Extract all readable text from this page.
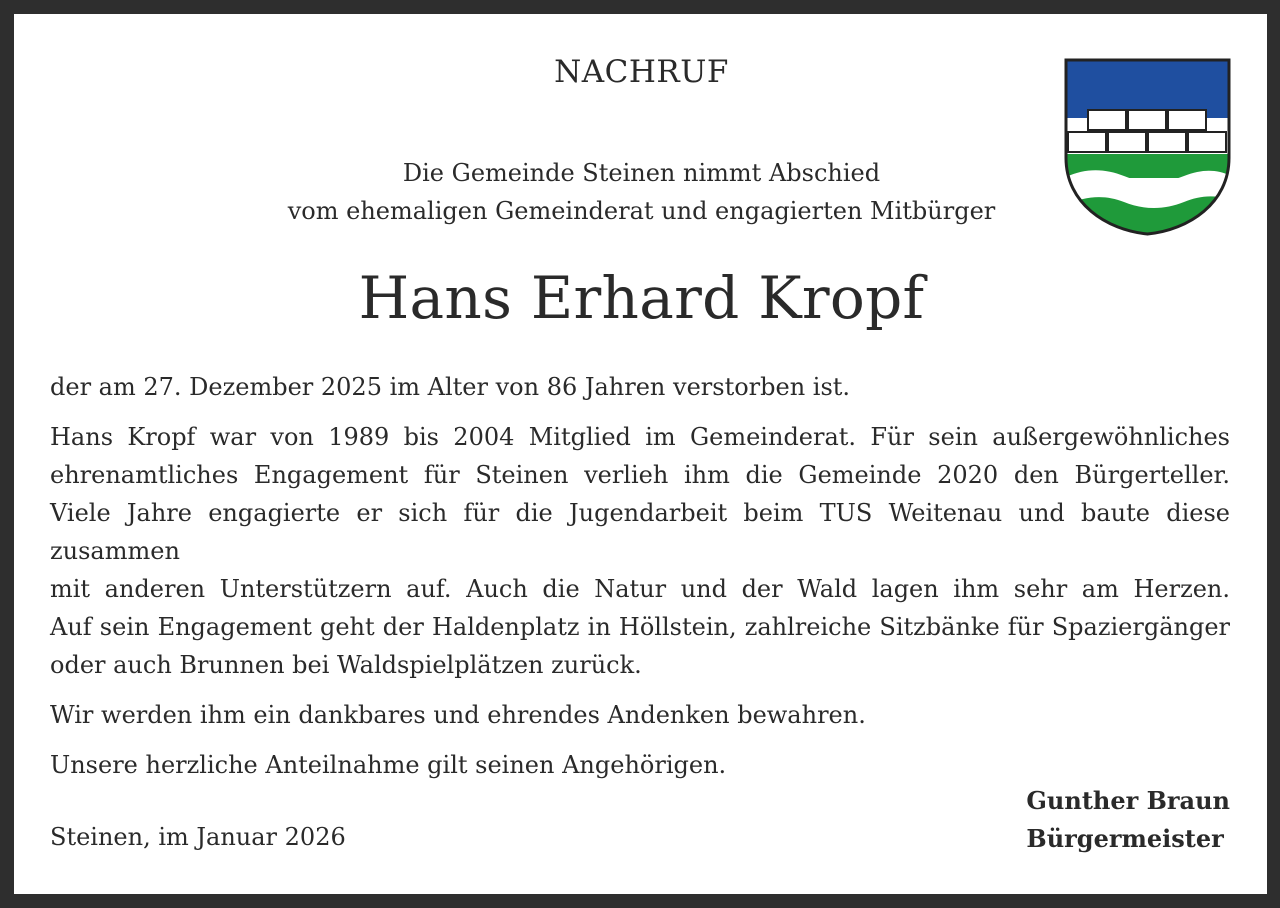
NACHRUF
Die Gemeinde Steinen nimmt Abschied
vom ehemaligen Gemeinderat und engagierten Mitbürger
Hans Erhard Kropf

der am 27. Dezember 2025 im Alter von 86 Jahren verstorben ist.

Hans Kropf war von 1989 bis 2004 Mitglied im Gemeinderat. Für sein außergewöhnliches
ehrenamtliches Engagement für Steinen verlieh ihm die Gemeinde 2020 den Bürgerteller.
Viele Jahre engagierte er sich für die Jugendarbeit beim TUS Weitenau und baute diese zusammen
mit anderen Unterstützern auf. Auch die Natur und der Wald lagen ihm sehr am Herzen.
Auf sein Engagement geht der Haldenplatz in Höllstein, zahlreiche Sitzbänke für Spaziergänger
oder auch Brunnen bei Waldspielplätzen zurück.

Wir werden ihm ein dankbares und ehrendes Andenken bewahren.

Unsere herzliche Anteilnahme gilt seinen Angehörigen.

Steinen, im Januar 2026
Gunther Braun
Bürgermeister
